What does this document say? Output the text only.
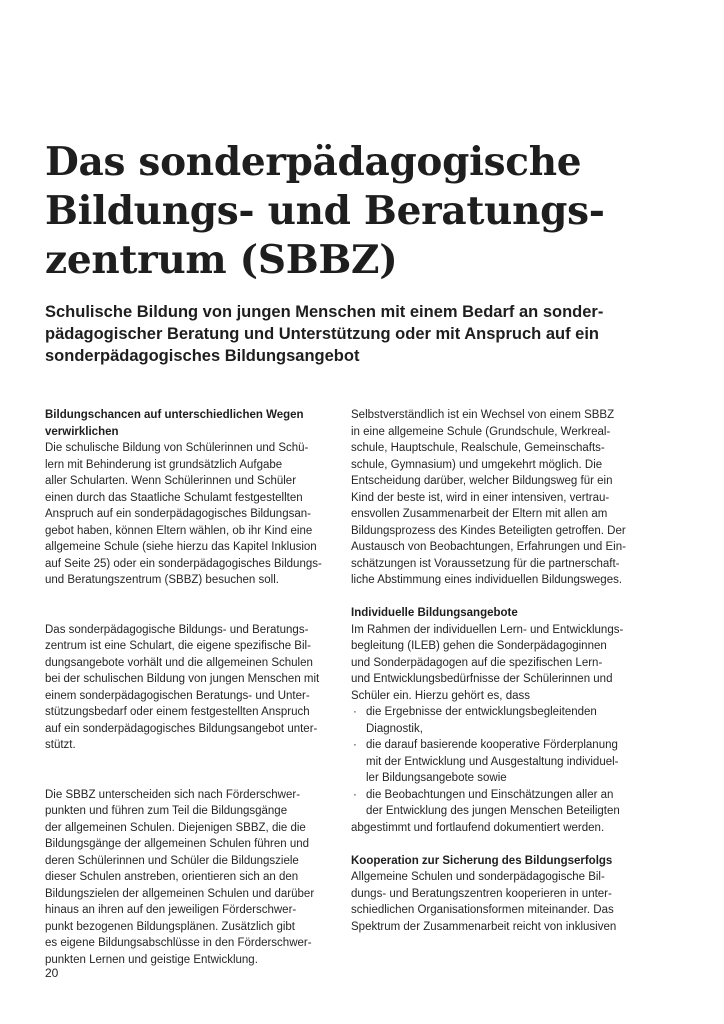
Das sonderpädagogische
Bildungs- und Beratungs-
zentrum (SBBZ)
Schulische Bildung von jungen Menschen mit einem Bedarf an sonder-
pädagogischer Beratung und Unterstützung oder mit Anspruch auf ein
sonderpädagogisches Bildungsangebot
Bildungschancen auf unterschiedlichen Wegen
verwirklichen
Die schulische Bildung von Schülerinnen und Schü-
lern mit Behinderung ist grundsätzlich Aufgabe
aller Schularten. Wenn Schülerinnen und Schüler
einen durch das Staatliche Schulamt festgestellten
Anspruch auf ein sonderpädagogisches Bildungsan-
gebot haben, können Eltern wählen, ob ihr Kind eine
allgemeine Schule (siehe hierzu das Kapitel Inklusion
auf Seite 25) oder ein sonderpädagogisches Bildungs-
und Beratungszentrum (SBBZ) besuchen soll.
Das sonderpädagogische Bildungs- und Beratungs-
zentrum ist eine Schulart, die eigene spezifische Bil-
dungsangebote vorhält und die allgemeinen Schulen
bei der schulischen Bildung von jungen Menschen mit
einem sonderpädagogischen Beratungs- und Unter-
stützungsbedarf oder einem festgestellten Anspruch
auf ein sonderpädagogisches Bildungsangebot unter-
stützt.
Die SBBZ unterscheiden sich nach Förderschwer-
punkten und führen zum Teil die Bildungsgänge
der allgemeinen Schulen. Diejenigen SBBZ, die die
Bildungsgänge der allgemeinen Schulen führen und
deren Schülerinnen und Schüler die Bildungsziele
dieser Schulen anstreben, orientieren sich an den
Bildungszielen der allgemeinen Schulen und darüber
hinaus an ihren auf den jeweiligen Förderschwer-
punkt bezogenen Bildungsplänen. Zusätzlich gibt
es eigene Bildungsabschlüsse in den Förderschwer-
punkten Lernen und geistige Entwicklung.
Selbstverständlich ist ein Wechsel von einem SBBZ
in eine allgemeine Schule (Grundschule, Werkreal-
schule, Hauptschule, Realschule, Gemeinschafts-
schule, Gymnasium) und umgekehrt möglich. Die
Entscheidung darüber, welcher Bildungsweg für ein
Kind der beste ist, wird in einer intensiven, vertrau-
ensvollen Zusammenarbeit der Eltern mit allen am
Bildungsprozess des Kindes Beteiligten getroffen. Der
Austausch von Beobachtungen, Erfahrungen und Ein-
schätzungen ist Voraussetzung für die partnerschaft-
liche Abstimmung eines individuellen Bildungsweges.
Individuelle Bildungsangebote
Im Rahmen der individuellen Lern- und Entwicklungs-
begleitung (ILEB) gehen die Sonderpädagoginnen
und Sonderpädagogen auf die spezifischen Lern-
und Entwicklungsbedürfnisse der Schülerinnen und
Schüler ein. Hierzu gehört es, dass
· die Ergebnisse der entwicklungsbegleitenden
Diagnostik,
· die darauf basierende kooperative Förderplanung
mit der Entwicklung und Ausgestaltung individuel-
ler Bildungsangebote sowie
· die Beobachtungen und Einschätzungen aller an
der Entwicklung des jungen Menschen Beteiligten
abgestimmt und fortlaufend dokumentiert werden.
Kooperation zur Sicherung des Bildungserfolgs
Allgemeine Schulen und sonderpädagogische Bil-
dungs- und Beratungszentren kooperieren in unter-
schiedlichen Organisationsformen miteinander. Das
Spektrum der Zusammenarbeit reicht von inklusiven
20
